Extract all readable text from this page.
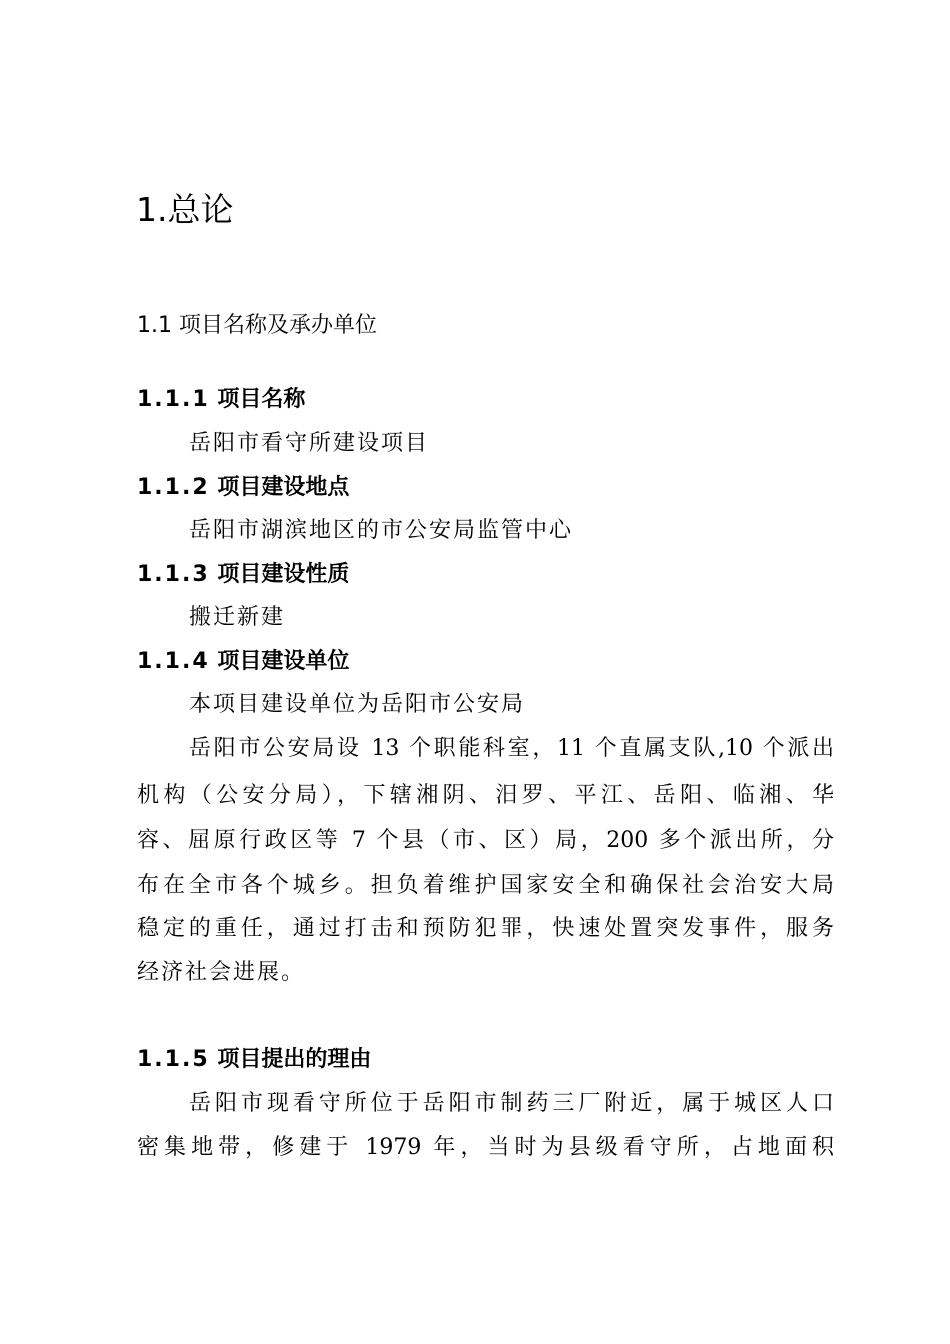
1.总论
1.1 项目名称及承办单位
1.1.1 项目名称
岳阳市看守所建设项目
1.1.2 项目建设地点
岳阳市湖滨地区的市公安局监管中心
1.1.3 项目建设性质
搬迁新建
1.1.4 项目建设单位
本项目建设单位为岳阳市公安局
岳阳市公安局设 13 个职能科室，11 个直属支队,10 个派出
机构（公安分局），下辖湘阴、汨罗、平江、岳阳、临湘、华
容、屈原行政区等 7 个县（市、区）局，200 多个派出所，分
布在全市各个城乡。担负着维护国家安全和确保社会治安大局
稳定的重任，通过打击和预防犯罪，快速处置突发事件，服务
经济社会进展。
1.1.5 项目提出的理由
岳阳市现看守所位于岳阳市制药三厂附近，属于城区人口
密集地带，修建于 1979 年，当时为县级看守所，占地面积
